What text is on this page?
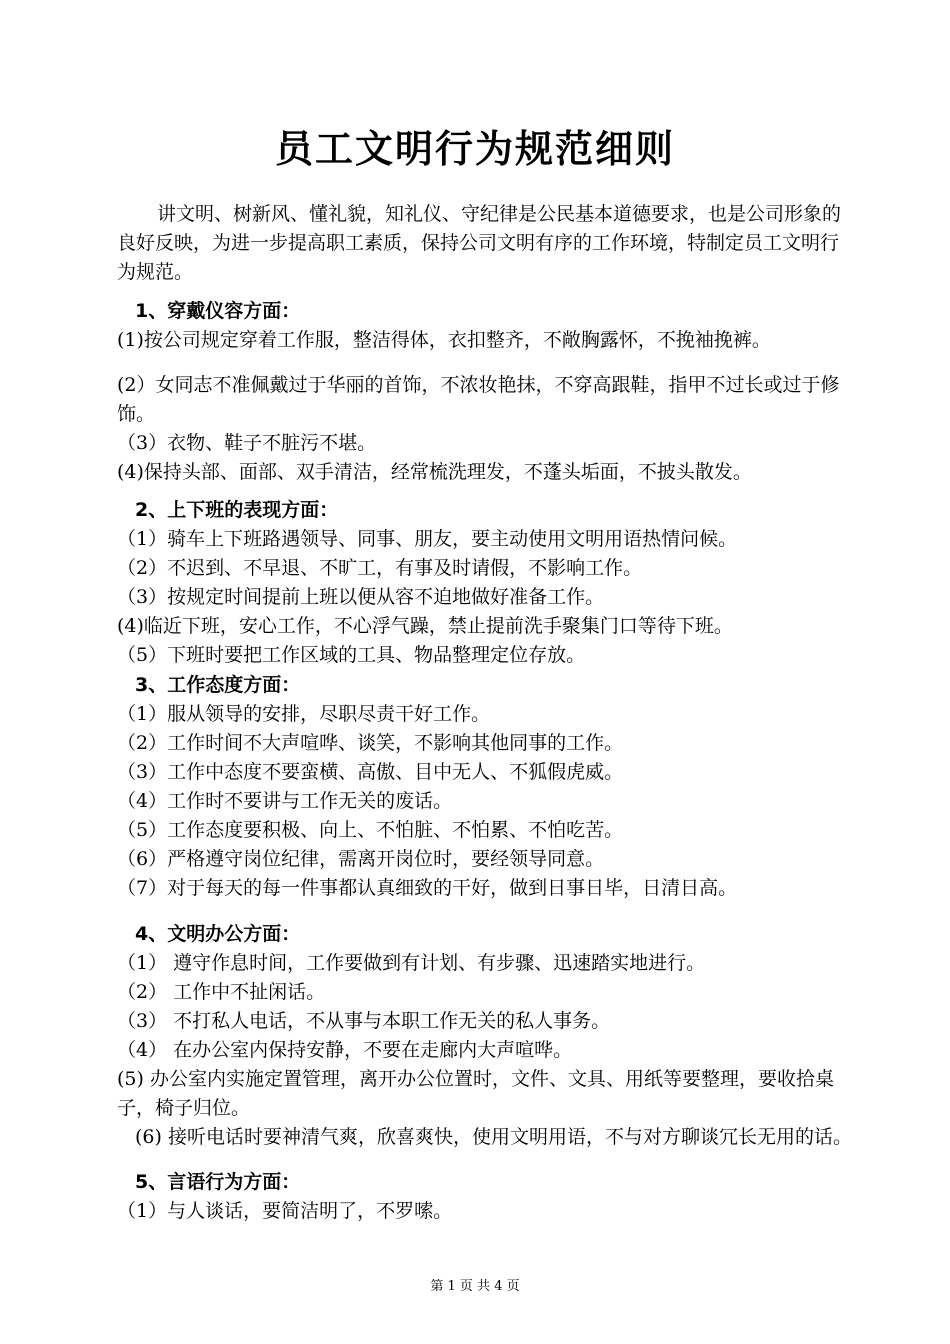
员工文明行为规范细则
讲文明、树新风、懂礼貌，知礼仪、守纪律是公民基本道德要求，也是公司形象的良好反映，为进一步提高职工素质，保持公司文明有序的工作环境，特制定员工文明行为规范。
1、穿戴仪容方面：
(1)按公司规定穿着工作服，整洁得体，衣扣整齐，不敞胸露怀，不挽袖挽裤。
(2）女同志不准佩戴过于华丽的首饰，不浓妆艳抹，不穿高跟鞋，指甲不过长或过于修饰。
（3）衣物、鞋子不脏污不堪。
(4)保持头部、面部、双手清洁，经常梳洗理发，不蓬头垢面，不披头散发。
2、上下班的表现方面：
（1）骑车上下班路遇领导、同事、朋友，要主动使用文明用语热情问候。
（2）不迟到、不早退、不旷工，有事及时请假，不影响工作。
（3）按规定时间提前上班以便从容不迫地做好准备工作。
(4)临近下班，安心工作，不心浮气躁，禁止提前洗手聚集门口等待下班。
（5）下班时要把工作区域的工具、物品整理定位存放。
3、工作态度方面：
（1）服从领导的安排，尽职尽责干好工作。
（2）工作时间不大声喧哗、谈笑，不影响其他同事的工作。
（3）工作中态度不要蛮横、高傲、目中无人、不狐假虎威。
（4）工作时不要讲与工作无关的废话。
（5）工作态度要积极、向上、不怕脏、不怕累、不怕吃苦。
（6）严格遵守岗位纪律，需离开岗位时，要经领导同意。
（7）对于每天的每一件事都认真细致的干好，做到日事日毕，日清日高。
4、文明办公方面：
（1） 遵守作息时间，工作要做到有计划、有步骤、迅速踏实地进行。
（2） 工作中不扯闲话。
（3） 不打私人电话，不从事与本职工作无关的私人事务。
（4） 在办公室内保持安静，不要在走廊内大声喧哗。
(5) 办公室内实施定置管理，离开办公位置时，文件、文具、用纸等要整理，要收拾桌子，椅子归位。
(6) 接听电话时要神清气爽，欣喜爽快，使用文明用语，不与对方聊谈冗长无用的话。
5、言语行为方面：
（1）与人谈话，要简洁明了，不罗嗦。
第 1 页 共 4 页
